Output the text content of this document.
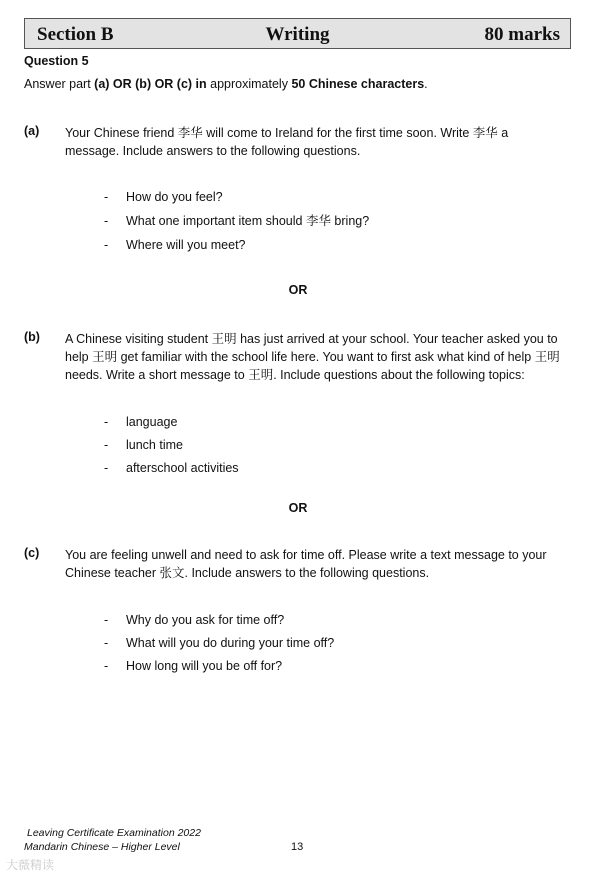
Writing
Section B	80 marks
Question 5
Answer part (a) OR (b) OR (c) in approximately 50 Chinese characters.
(a) Your Chinese friend 李华 will come to Ireland for the first time soon. Write 李华 a message. Include answers to the following questions.
- How do you feel?
- What one important item should 李华 bring?
- Where will you meet?
OR
(b) A Chinese visiting student 王明 has just arrived at your school. Your teacher asked you to help 王明 get familiar with the school life here. You want to first ask what kind of help 王明 needs. Write a short message to 王明. Include questions about the following topics:
- language
- lunch time
- afterschool activities
OR
(c) You are feeling unwell and need to ask for time off. Please write a text message to your Chinese teacher 张文. Include answers to the following questions.
- Why do you ask for time off?
- What will you do during your time off?
- How long will you be off for?
Leaving Certificate Examination 2022
Mandarin Chinese – Higher Level	13
大薇精读
